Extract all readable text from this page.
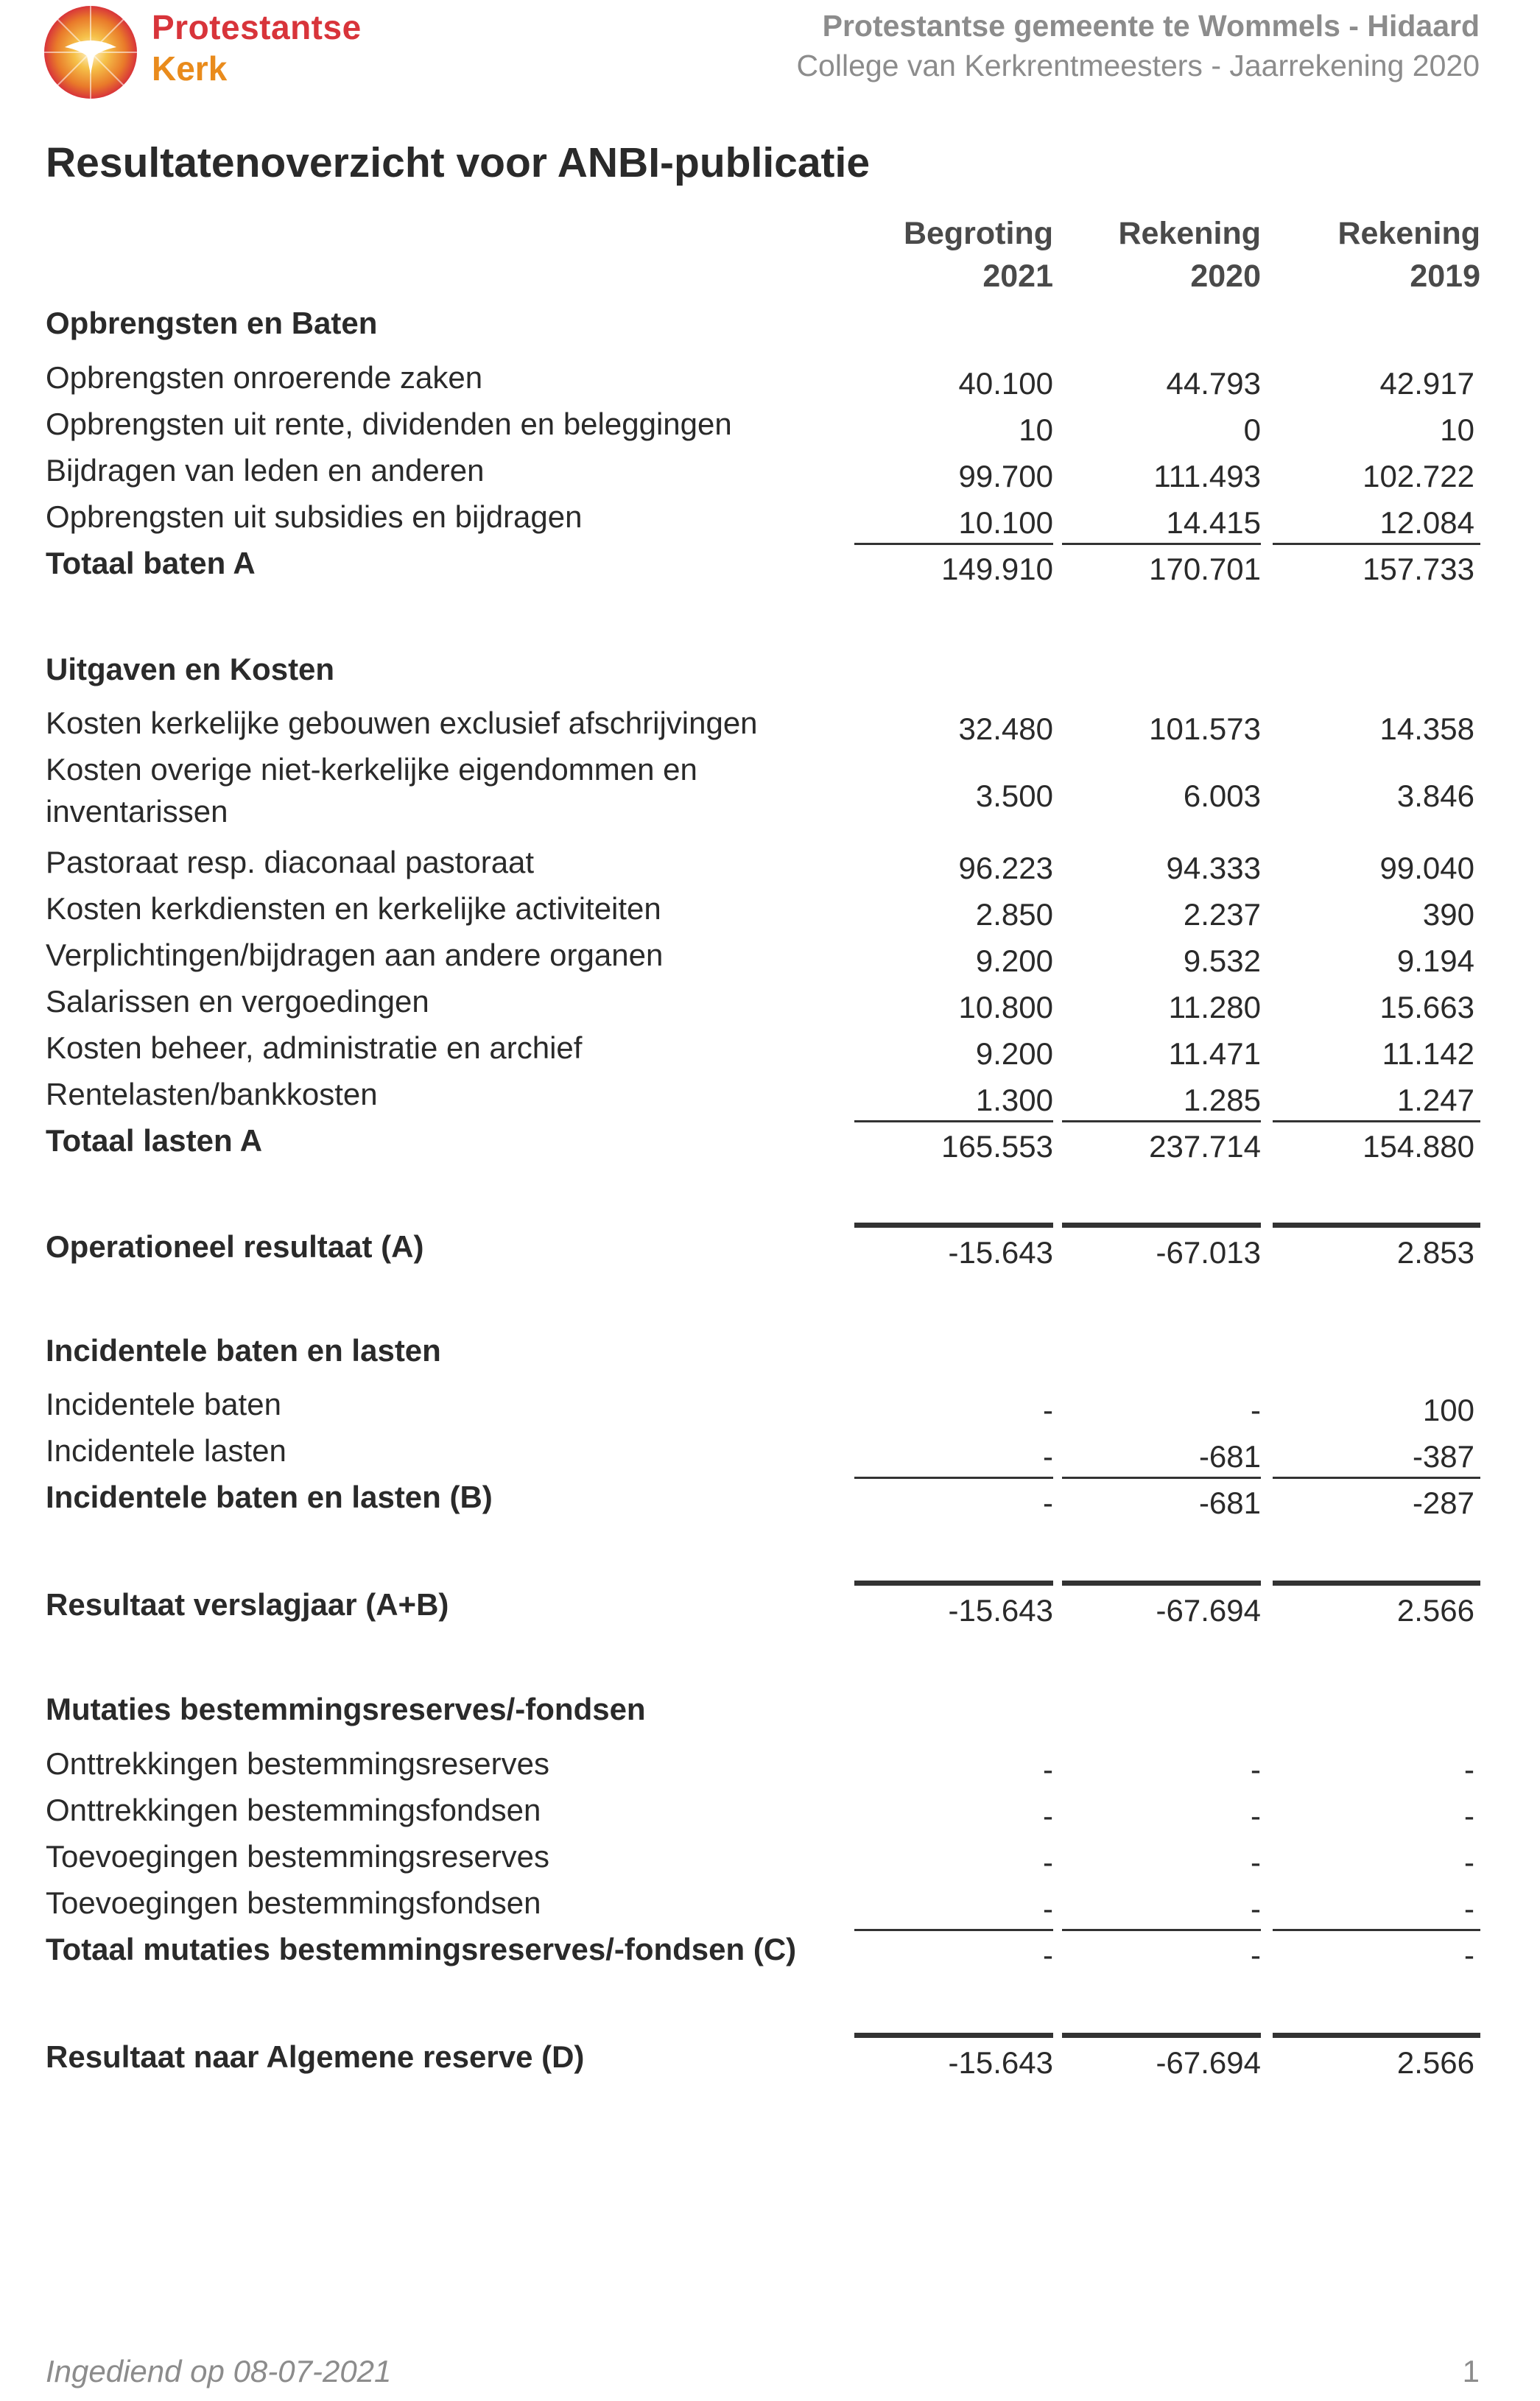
Protestantse
Kerk
Protestantse gemeente te Wommels - Hidaard
College van Kerkrentmeesters - Jaarrekening 2020
Resultatenoverzicht voor ANBI-publicatie
Begroting
2021
Rekening
2020
Rekening
2019
Opbrengsten en Baten
Opbrengsten onroerende zaken	40.100	44.793	42.917
Opbrengsten uit rente, dividenden en beleggingen	10	0	10
Bijdragen van leden en anderen	99.700	111.493	102.722
Opbrengsten uit subsidies en bijdragen	10.100	14.415	12.084
Totaal baten A	149.910	170.701	157.733
Uitgaven en Kosten
Kosten kerkelijke gebouwen exclusief afschrijvingen	32.480	101.573	14.358
Kosten overige niet-kerkelijke eigendommen en
inventarissen	3.500	6.003	3.846
Pastoraat resp. diaconaal pastoraat	96.223	94.333	99.040
Kosten kerkdiensten en kerkelijke activiteiten	2.850	2.237	390
Verplichtingen/bijdragen aan andere organen	9.200	9.532	9.194
Salarissen en vergoedingen	10.800	11.280	15.663
Kosten beheer, administratie en archief	9.200	11.471	11.142
Rentelasten/bankkosten	1.300	1.285	1.247
Totaal lasten A	165.553	237.714	154.880
Operationeel resultaat (A)	-15.643	-67.013	2.853
Incidentele baten en lasten
Incidentele baten	-	-	100
Incidentele lasten	-	-681	-387
Incidentele baten en lasten (B)	-	-681	-287
Resultaat verslagjaar (A+B)	-15.643	-67.694	2.566
Mutaties bestemmingsreserves/-fondsen
Onttrekkingen bestemmingsreserves	-	-	-
Onttrekkingen bestemmingsfondsen	-	-	-
Toevoegingen bestemmingsreserves	-	-	-
Toevoegingen bestemmingsfondsen	-	-	-
Totaal mutaties bestemmingsreserves/-fondsen (C)	-	-	-
Resultaat naar Algemene reserve (D)	-15.643	-67.694	2.566
Ingediend op 08-07-2021	1
